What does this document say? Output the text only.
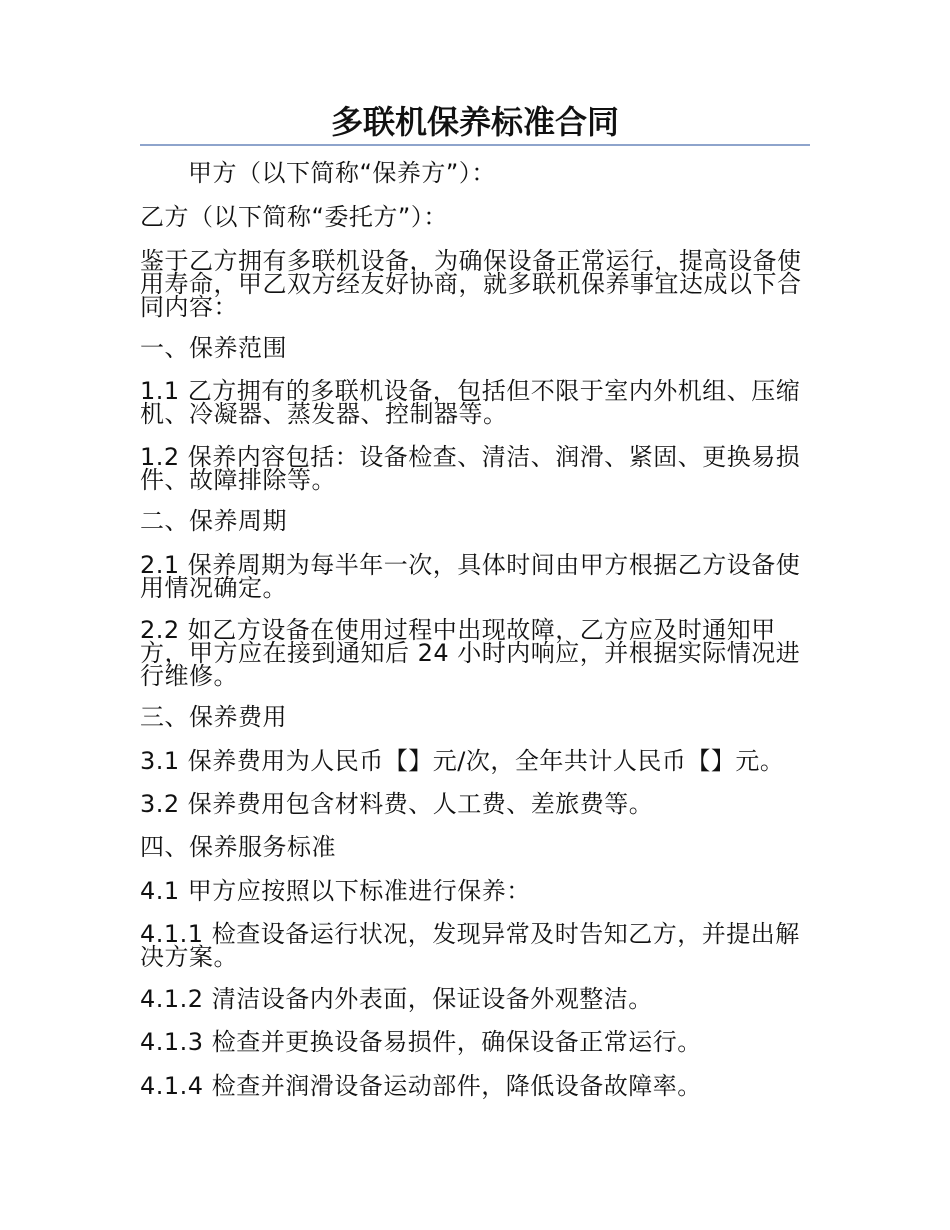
多联机保养标准合同
甲方（以下简称“保养方”）：
乙方（以下简称“委托方”）：
鉴于乙方拥有多联机设备，为确保设备正常运行，提高设备使用寿命，甲乙双方经友好协商，就多联机保养事宜达成以下合同内容：
一、保养范围
1.1 乙方拥有的多联机设备，包括但不限于室内外机组、压缩机、冷凝器、蒸发器、控制器等。
1.2 保养内容包括：设备检查、清洁、润滑、紧固、更换易损件、故障排除等。
二、保养周期
2.1 保养周期为每半年一次，具体时间由甲方根据乙方设备使用情况确定。
2.2 如乙方设备在使用过程中出现故障，乙方应及时通知甲方，甲方应在接到通知后 24 小时内响应，并根据实际情况进行维修。
三、保养费用
3.1 保养费用为人民币【】元/次，全年共计人民币【】元。
3.2 保养费用包含材料费、人工费、差旅费等。
四、保养服务标准
4.1 甲方应按照以下标准进行保养：
4.1.1 检查设备运行状况，发现异常及时告知乙方，并提出解决方案。
4.1.2 清洁设备内外表面，保证设备外观整洁。
4.1.3 检查并更换设备易损件，确保设备正常运行。
4.1.4 检查并润滑设备运动部件，降低设备故障率。
